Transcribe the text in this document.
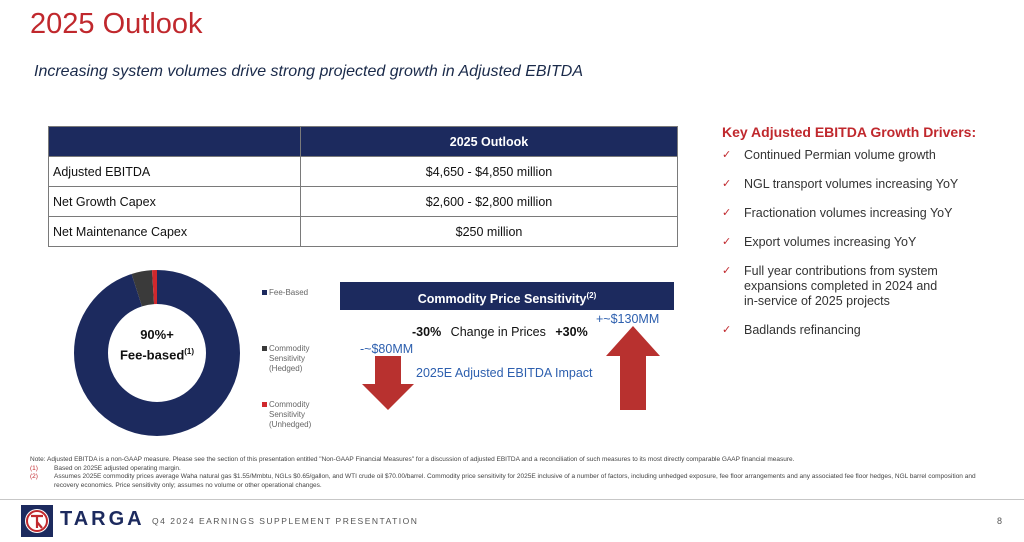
2025 Outlook
Increasing system volumes drive strong projected growth in Adjusted EBITDA
	2025 Outlook
Adjusted EBITDA	$4,650 - $4,850 million
Net Growth Capex	$2,600 - $2,800 million
Net Maintenance Capex	$250 million
90%+
Fee-based$^{(1)}$
Fee-Based
Commodity Sensitivity (Hedged)
Commodity Sensitivity (Unhedged)
Commodity Price Sensitivity$^{(2)}$
-30% Change in Prices +30%
-~$80MM
+~$130MM
2025E Adjusted EBITDA Impact
Key Adjusted EBITDA Growth Drivers:
✓	Continued Permian volume growth
✓	NGL transport volumes increasing YoY
✓	Fractionation volumes increasing YoY
✓	Export volumes increasing YoY
✓	Full year contributions from system expansions completed in 2024 and in-service of 2025 projects
✓	Badlands refinancing
Note: Adjusted EBITDA is a non-GAAP measure. Please see the section of this presentation entitled "Non-GAAP Financial Measures" for a discussion of adjusted EBITDA and a reconciliation of such measures to its most directly comparable GAAP financial measure.
(1)	Based on 2025E adjusted operating margin.
(2)	Assumes 2025E commodity prices average Waha natural gas $1.55/Mmbtu, NGLs $0.65/gallon, and WTI crude oil $70.00/barrel. Commodity price sensitivity for 2025E inclusive of a number of factors, including unhedged exposure, fee floor arrangements and any associated fee floor hedges, NGL barrel composition and recovery economics. Price sensitivity only; assumes no volume or other operational changes.
TARGA Q4 2024 EARNINGS SUPPLEMENT PRESENTATION	8
